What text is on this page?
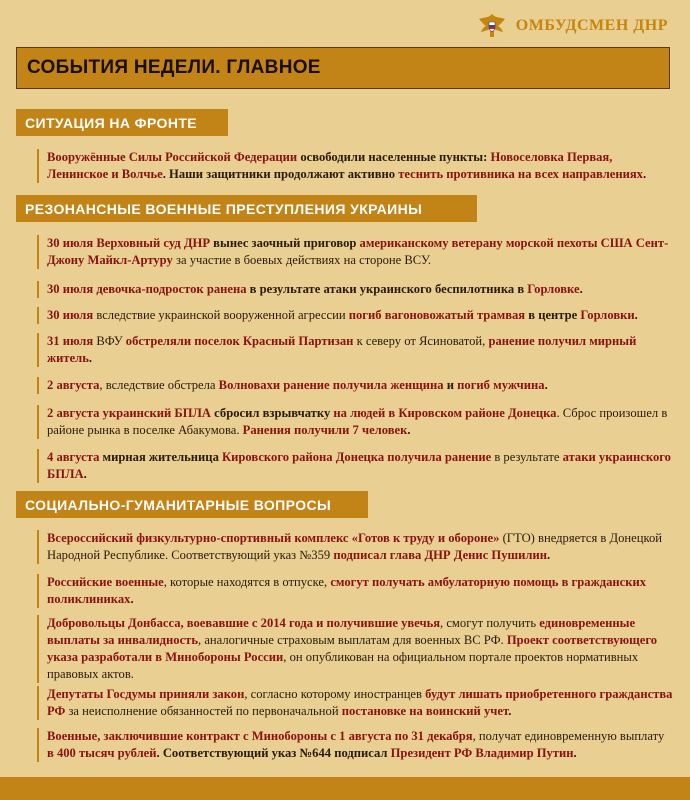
ОМБУДСМЕН ДНР
СОБЫТИЯ НЕДЕЛИ. ГЛАВНОЕ
СИТУАЦИЯ НА ФРОНТЕ
Вооружённые Силы Российской Федерации освободили населенные пункты: Новоселовка Первая, Ленинское и Волчье. Наши защитники продолжают активно теснить противника на всех направлениях.
РЕЗОНАНСНЫЕ ВОЕННЫЕ ПРЕСТУПЛЕНИЯ УКРАИНЫ
30 июля Верховный суд ДНР вынес заочный приговор американскому ветерану морской пехоты США Сент-Джону Майкл-Артуру за участие в боевых действиях на стороне ВСУ.
30 июля девочка-подросток ранена в результате атаки украинского беспилотника в Горловке.
30 июля вследствие украинской вооруженной агрессии погиб вагоновожатый трамвая в центре Горловки.
31 июля ВФУ обстреляли поселок Красный Партизан к северу от Ясиноватой, ранение получил мирный житель.
2 августа, вследствие обстрела Волновахи ранение получила женщина и погиб мужчина.
2 августа украинский БПЛА сбросил взрывчатку на людей в Кировском районе Донецка. Сброс произошел в районе рынка в поселке Абакумова. Ранения получили 7 человек.
4 августа мирная жительница Кировского района Донецка получила ранение в результате атаки украинского БПЛА.
СОЦИАЛЬНО-ГУМАНИТАРНЫЕ ВОПРОСЫ
Всероссийский физкультурно-спортивный комплекс «Готов к труду и обороне» (ГТО) внедряется в Донецкой Народной Республике. Соответствующий указ №359 подписал глава ДНР Денис Пушилин.
Российские военные, которые находятся в отпуске, смогут получать амбулаторную помощь в гражданских поликлиниках.
Добровольцы Донбасса, воевавшие с 2014 года и получившие увечья, смогут получить единовременные выплаты за инвалидность, аналогичные страховым выплатам для военных ВС РФ. Проект соответствующего указа разработали в Минобороны России, он опубликован на официальном портале проектов нормативных правовых актов.
Депутаты Госдумы приняли закон, согласно которому иностранцев будут лишать приобретенного гражданства РФ за неисполнение обязанностей по первоначальной постановке на воинский учет.
Военные, заключившие контракт с Минобороны с 1 августа по 31 декабря, получат единовременную выплату в 400 тысяч рублей. Соответствующий указ №644 подписал Президент РФ Владимир Путин.
